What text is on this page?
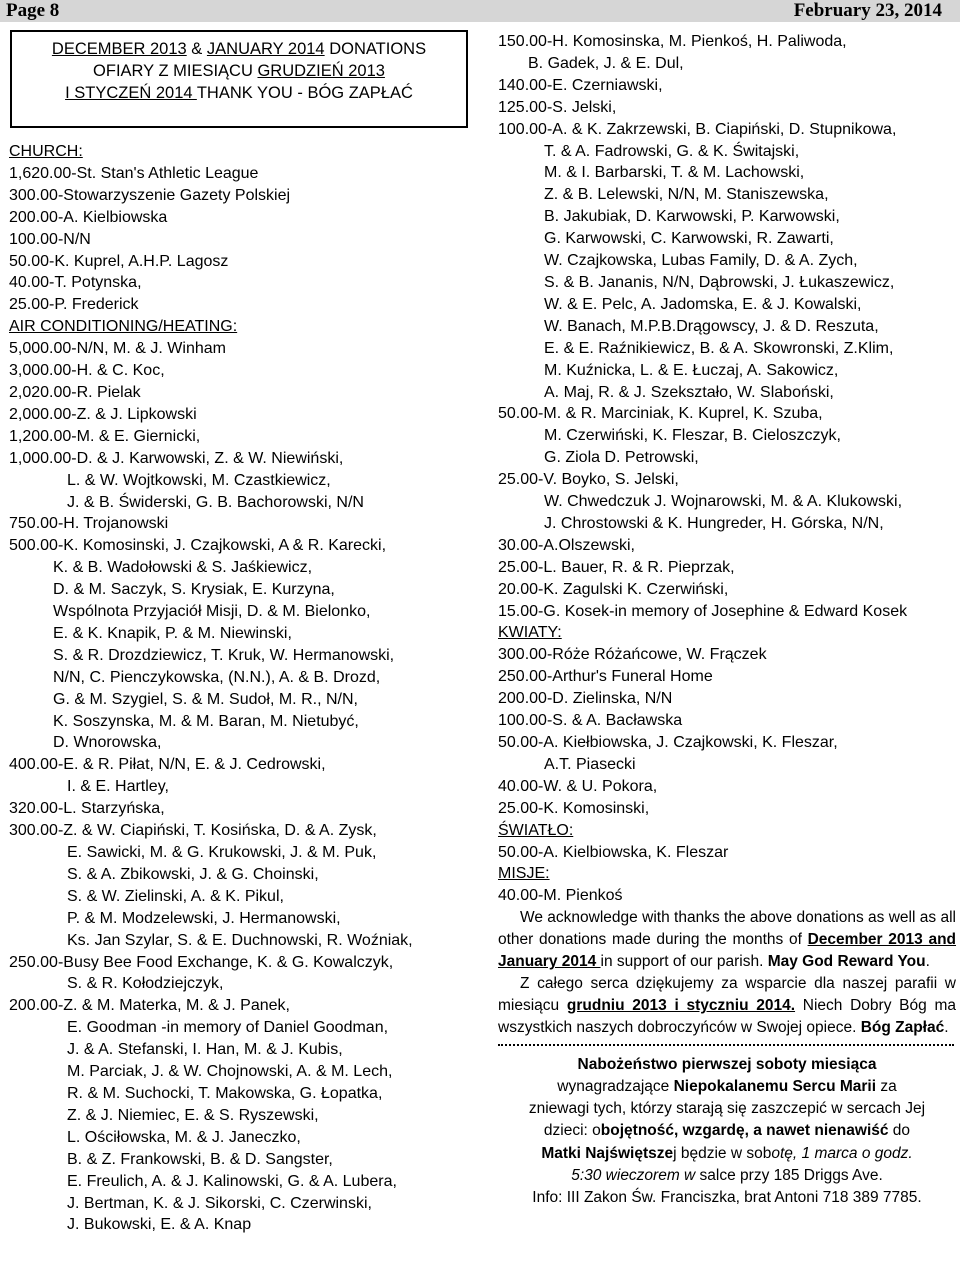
Page 8	February 23, 2014
DECEMBER 2013 & JANUARY 2014 DONATIONS
OFIARY Z MIESIĄCU GRUDZIEŃ 2013
I STYCZEŃ 2014 THANK YOU - BÓG ZAPŁAĆ
CHURCH:
1,620.00-St. Stan's Athletic League
300.00-Stowarzyszenie Gazety Polskiej
200.00-A. Kielbiowska
100.00-N/N
50.00-K. Kuprel, A.H.P. Lagosz
40.00-T. Potynska,
25.00-P. Frederick
AIR CONDITIONING/HEATING:
5,000.00-N/N, M. & J. Winham
3,000.00-H. & C. Koc,
2,020.00-R. Pielak
2,000.00-Z. & J. Lipkowski
1,200.00-M. & E. Giernicki,
1,000.00-D. & J. Karwowski, Z. & W. Niewiński,
L. & W. Wojtkowski, M. Czastkiewicz,
J. & B. Świderski, G. B. Bachorowski, N/N
750.00-H. Trojanowski
500.00-K. Komosinski, J. Czajkowski, A & R. Karecki,
K. & B. Wadołowski & S. Jaśkiewicz,
D. & M. Saczyk, S. Krysiak, E. Kurzyna,
Wspólnota Przyjaciół Misji, D. & M. Bielonko,
E. & K. Knapik, P. & M. Niewinski,
S. & R. Drozdziewicz, T. Kruk, W. Hermanowski,
N/N, C. Pienczykowska, (N.N.), A. & B. Drozd,
G. & M. Szygiel, S. & M. Sudoł, M. R., N/N,
K. Soszynska, M. & M. Baran, M. Nietubyć,
D. Wnorowska,
400.00-E. & R. Piłat, N/N, E. & J. Cedrowski,
I. & E. Hartley,
320.00-L. Starzyńska,
300.00-Z. & W. Ciapiński, T. Kosińska, D. & A. Zysk,
E. Sawicki, M. & G. Krukowski, J. & M. Puk,
S. & A. Zbikowski, J. & G. Choinski,
S. & W. Zielinski, A. & K. Pikul,
P. & M. Modzelewski, J. Hermanowski,
Ks. Jan Szylar, S. & E. Duchnowski, R. Woźniak,
250.00-Busy Bee Food Exchange, K. & G. Kowalczyk,
S. & R. Kołodziejczyk,
200.00-Z. & M. Materka, M. & J. Panek,
E. Goodman -in memory of Daniel Goodman,
J. & A. Stefanski, I. Han, M. & J. Kubis,
M. Parciak, J. & W. Chojnowski, A. & M. Lech,
R. & M. Suchocki, T. Makowska, G. Łopatka,
Z. & J. Niemiec, E. & S. Ryszewski,
L. Ościłowska, M. & J. Janeczko,
B. & Z. Frankowski, B. & D. Sangster,
E. Freulich, A. & J. Kalinowski, G. & A. Lubera,
J. Bertman, K. & J. Sikorski, C. Czerwinski,
J. Bukowski, E. & A. Knap
150.00-H. Komosinska, M. Pienkoś, H. Paliwoda,
B. Gadek, J. & E. Dul,
140.00-E. Czerniawski,
125.00-S. Jelski,
100.00-A. & K. Zakrzewski, B. Ciapiński, D. Stupnikowa,
T. & A. Fadrowski, G. & K. Świtajski,
M. & I. Barbarski, T. & M. Lachowski,
Z. & B. Lelewski, N/N, M. Staniszewska,
B. Jakubiak, D. Karwowski, P. Karwowski,
G. Karwowski, C. Karwowski, R. Zawarti,
W. Czajkowska, Lubas Family, D. & A. Zych,
S. & B. Jananis, N/N, Dąbrowski, J. Łukaszewicz,
W. & E. Pelc, A. Jadomska, E. & J. Kowalski,
W. Banach, M.P.B.Drągowscy, J. & D. Reszuta,
E. & E. Raźnikiewicz, B. & A. Skowronski, Z.Klim,
M. Kuźnicka, L. & E. Łuczaj, A. Sakowicz,
A. Maj, R. & J. Szekształo, W. Slaboński,
50.00-M. & R. Marciniak, K. Kuprel, K. Szuba,
M. Czerwiński, K. Fleszar, B. Cieloszczyk,
G. Ziola D. Petrowski,
25.00-V. Boyko, S. Jelski,
W. Chwedczuk J. Wojnarowski, M. & A. Klukowski,
J. Chrostowski & K. Hungreder, H. Górska, N/N,
30.00-A.Olszewski,
25.00-L. Bauer, R. & R. Pieprzak,
20.00-K. Zagulski K. Czerwiński,
15.00-G. Kosek-in memory of Josephine & Edward Kosek
KWIATY:
300.00-Róże Różańcowe, W. Frączek
250.00-Arthur's Funeral Home
200.00-D. Zielinska, N/N
100.00-S. & A. Bacławska
50.00-A. Kiełbiowska, J. Czajkowski, K. Fleszar,
A.T. Piasecki
40.00-W. & U. Pokora,
25.00-K. Komosinski,
ŚWIATŁO:
50.00-A. Kielbiowska, K. Fleszar
MISJE:
40.00-M. Pienkoś
We acknowledge with thanks the above donations as well as all other donations made during the months of December 2013 and January 2014 in support of our parish. May God Reward You.
Z całego serca dziękujemy za wsparcie dla naszej parafii w miesiącu grudniu 2013 i styczniu 2014. Niech Dobry Bóg ma wszystkich naszych dobroczyńców w Swojej opiece. Bóg Zapłać.
Nabożeństwo pierwszej soboty miesiąca
wynagradzające Niepokalanemu Sercu Marii za
zniewagi tych, którzy starają się zaszczepić w sercach Jej
dzieci: obojętność, wzgardę, a nawet nienawiść do
Matki Najświętszej będzie w sobotę, 1 marca o godz.
5:30 wieczorem w salce przy 185 Driggs Ave.
Info: III Zakon Św. Franciszka, brat Antoni 718 389 7785.
